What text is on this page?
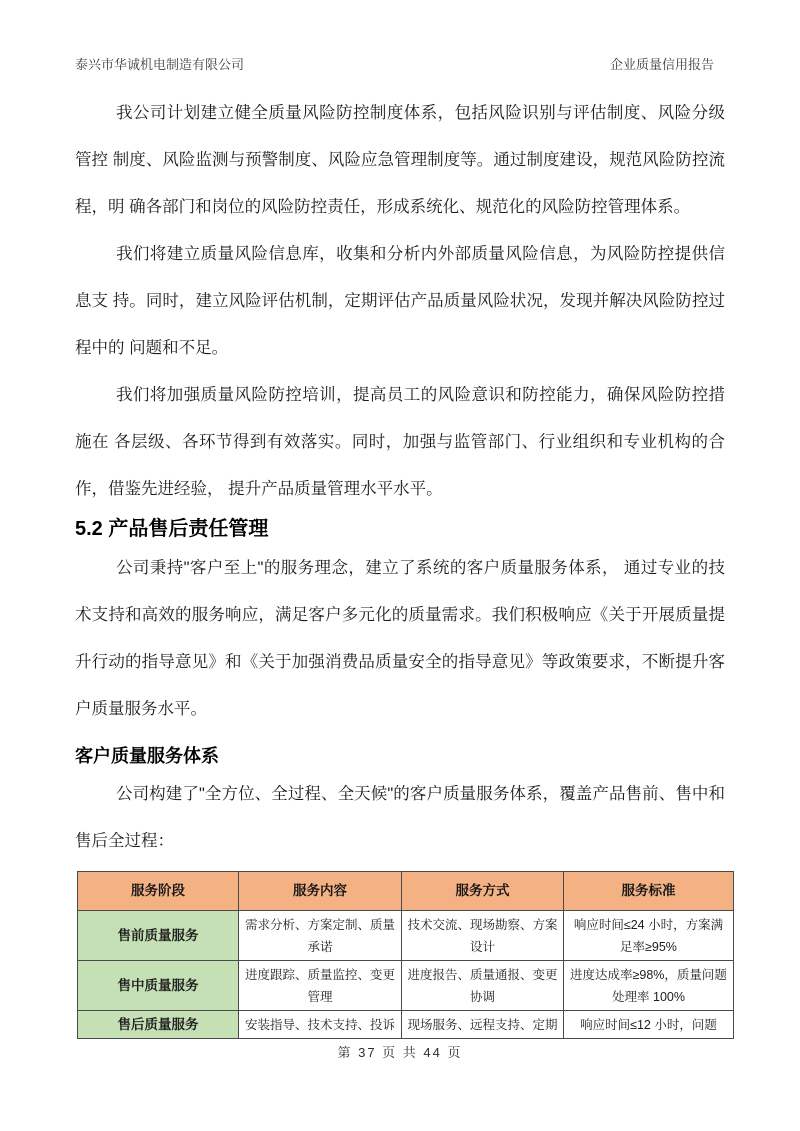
泰兴市华诚机电制造有限公司	企业质量信用报告

我公司计划建立健全质量风险防控制度体系，包括风险识别与评估制度、风险分级管控 制度、风险监测与预警制度、风险应急管理制度等。通过制度建设，规范风险防控流程，明 确各部门和岗位的风险防控责任，形成系统化、规范化的风险防控管理体系。

我们将建立质量风险信息库，收集和分析内外部质量风险信息，为风险防控提供信息支 持。同时，建立风险评估机制，定期评估产品质量风险状况，发现并解决风险防控过程中的 问题和不足。

我们将加强质量风险防控培训，提高员工的风险意识和防控能力，确保风险防控措施在 各层级、各环节得到有效落实。同时，加强与监管部门、行业组织和专业机构的合作，借鉴先进经验， 提升产品质量管理水平水平。

5.2 产品售后责任管理

公司秉持"客户至上"的服务理念，建立了系统的客户质量服务体系， 通过专业的技术支持和高效的服务响应，满足客户多元化的质量需求。我们积极响应《关于开展质量提升行动的指导意见》和《关于加强消费品质量安全的指导意见》等政策要求，不断提升客户质量服务水平。

客户质量服务体系

公司构建了"全方位、全过程、全天候"的客户质量服务体系，覆盖产品售前、售中和售后全过程：

服务阶段	服务内容	服务方式	服务标准
售前质量服务	需求分析、方案定制、质量承诺	技术交流、现场勘察、方案设计	响应时间≤24 小时，方案满足率≥95%
售中质量服务	进度跟踪、质量监控、变更管理	进度报告、质量通报、变更协调	进度达成率≥98%，质量问题处理率 100%
售后质量服务	安装指导、技术支持、投诉	现场服务、远程支持、定期	响应时间≤12 小时，问题
第 37 页 共 44 页
